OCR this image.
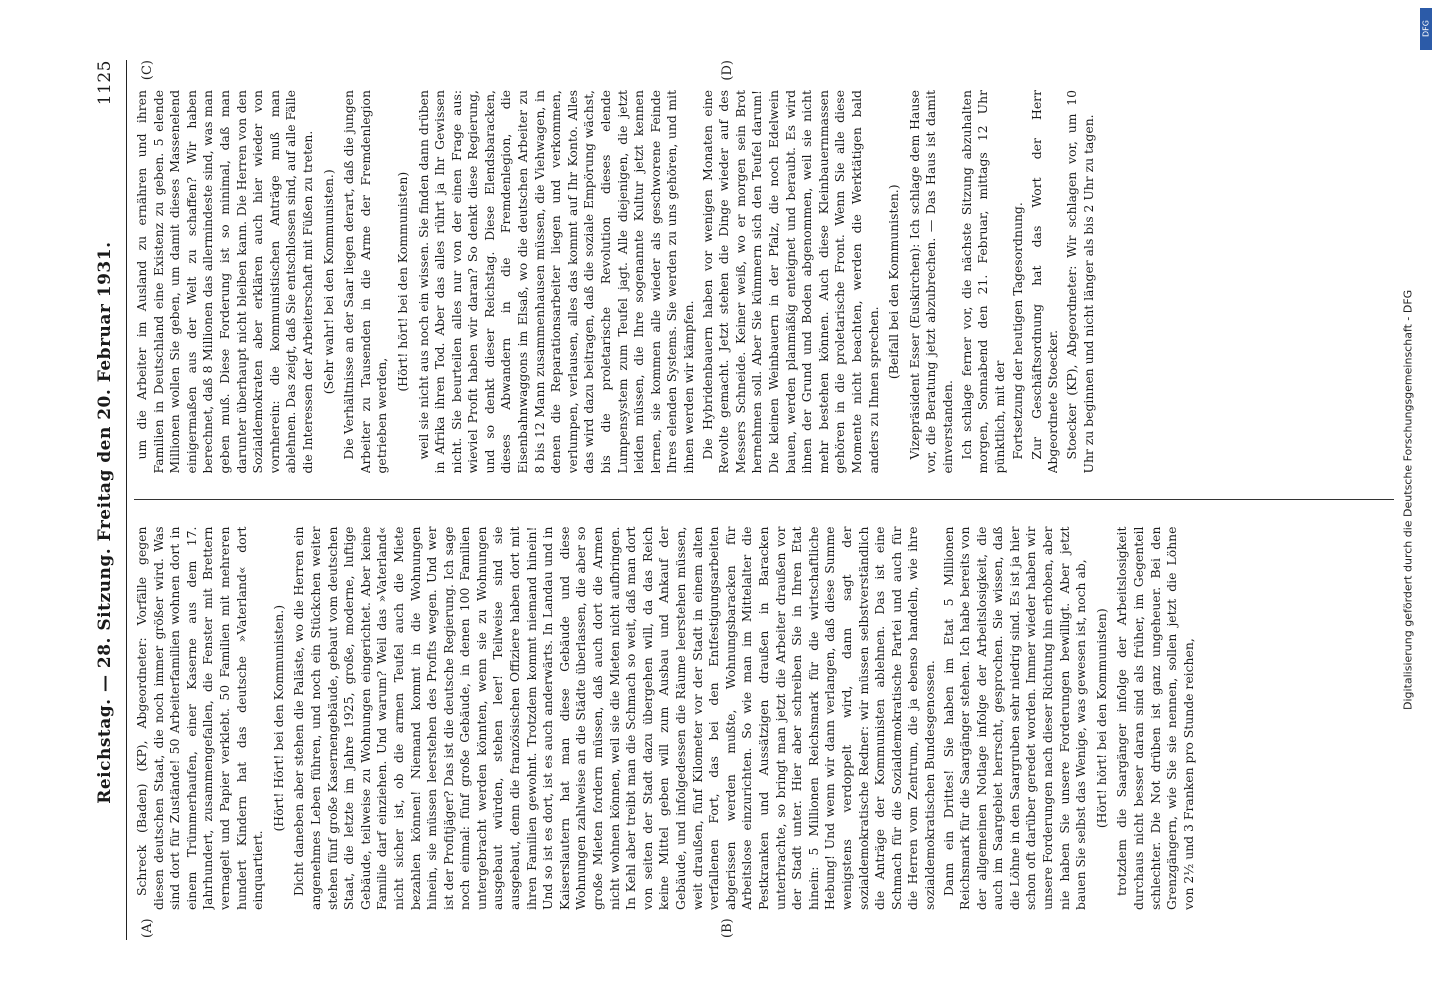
Reichstag. — 28. Sitzung. Freitag den 20. Februar 1931.
1125

Schreck (Baden) (KP), Abgeordneter: Vorfälle gegen diesen deutschen Staat, die noch immer größer wird. Was sind dort für Zustände! 50 Arbeiterfamilien wohnen dort in einem Trümmerhaufen, einer Kaserne aus dem 17. Jahrhundert, zusammengefallen, die Fenster mit Brettern vernagelt und Papier verklebt. 50 Familien mit mehreren hundert Kindern hat das deutsche »Vaterland« dort einquartiert.

(Hört! Hört! bei den Kommunisten.) Dicht daneben aber stehen die Paläste, wo die Herren ein angenehmes Leben führen, und noch ein Stückchen weiter stehen fünf große Kasernengebäude, gebaut vom deutschen Staat, die letzte im Jahre 1925, große, moderne, luftige Gebäude, teilweise zu Wohnungen eingerichtet. Aber keine Familie darf einziehen. Und warum? Weil das »Vaterland« nicht sicher ist, ob die armen Teufel auch die Miete bezahlen können! Niemand kommt in die Wohnungen hinein, sie müssen leerstehen des Profits wegen. Und wer ist der Profitjäger? Das ist die deutsche Regierung. Ich sage noch einmal: fünf große Gebäude, in denen 100 Familien untergebracht werden könnten, wenn sie zu Wohnungen ausgebaut würden, stehen leer! Teilweise sind sie ausgebaut, denn die französischen Offiziere haben dort mit ihren Familien gewohnt. Trotzdem kommt niemand hinein! Und so ist es dort, ist es auch anderwärts. In Landau und in Kaiserslautern hat man diese Gebäude und diese Wohnungen zahlweise an die Städte überlassen, die aber so große Mieten fordern müssen, daß auch dort die Armen nicht wohnen können, weil sie die Mieten nicht aufbringen. In Kehl aber treibt man die Schmach so weit, daß man dort von seiten der Stadt dazu übergehen will, da das Reich keine Mittel geben will zum Ausbau und Ankauf der Gebäude, und infolgedessen die Räume leerstehen müssen, weit draußen, fünf Kilometer vor der Stadt in einem alten verfallenen Fort, das bei den Entfestigungsarbeiten abgerissen werden mußte, Wohnungsbaracken für Arbeitslose einzurichten. So wie man im Mittelalter die Pestkranken und Aussätzigen draußen in Baracken unterbrachte, so bringt man jetzt die Arbeiter draußen vor der Stadt unter. Hier aber schreiben Sie in Ihren Etat hinein: 5 Millionen Reichsmark für die wirtschaftliche Hebung! Und wenn wir dann verlangen, daß diese Summe wenigstens verdoppelt wird, dann sagt der sozialdemokratische Redner: wir müssen selbstverständlich die Anträge der Kommunisten ablehnen. Das ist eine Schmach für die Sozialdemokratische Partei und auch für die Herren vom Zentrum, die ja ebenso handeln, wie ihre sozialdemokratischen Bundesgenossen. Dann ein Drittes! Sie haben im Etat 5 Millionen Reichsmark für die Saargänger stehen. Ich habe bereits von der allgemeinen Notlage infolge der Arbeitslosigkeit, die auch im Saargebiet herrscht, gesprochen. Sie wissen, daß die Löhne in den Saargruben sehr niedrig sind. Es ist ja hier schon oft darüber geredet worden. Immer wieder haben wir unsere Forderungen nach dieser Richtung hin erhoben, aber nie haben Sie unsere Forderungen bewilligt. Aber jetzt bauen Sie selbst das Wenige, was gewesen ist, noch ab, (Hört! hört! bei den Kommunisten) trotzdem die Saargänger infolge der Arbeitslosigkeit durchaus nicht besser daran sind als früher, im Gegenteil schlechter. Die Not drüben ist ganz ungeheuer. Bei den Grenzgängern, wie Sie sie nennen, sollen jetzt die Löhne von 2½ und 3 Franken pro Stunde reichen,

um die Arbeiter im Ausland zu ernähren und ihren Familien in Deutschland eine Existenz zu geben. 5 elende Millionen wollen Sie geben, um damit dieses Massenelend einigermaßen aus der Welt zu schaffen? Wir haben berechnet, daß 8 Millionen das allermindeste sind, was man geben muß. Diese Forderung ist so minimal, daß man darunter überhaupt nicht bleiben kann. Die Herren von den Sozialdemokraten aber erklären auch hier wieder von vornherein: die kommunistischen Anträge muß man ablehnen. Das zeigt, daß Sie entschlossen sind, auf alle Fälle die Interessen der Arbeiterschaft mit Füßen zu treten. (Sehr wahr! bei den Kommunisten.) Die Verhältnisse an der Saar liegen derart, daß die jungen Arbeiter zu Tausenden in die Arme der Fremdenlegion getrieben werden,

(Hört! hört! bei den Kommunisten) weil sie nicht aus noch ein wissen. Sie finden dann drüben in Afrika ihren Tod. Aber das alles rührt ja Ihr Gewissen nicht. Sie beurteilen alles nur von der einen Frage aus: wieviel Profit haben wir daran? So denkt diese Regierung, und so denkt dieser Reichstag. Diese Elendsbaracken, dieses Abwandern in die Fremdenlegion, die Eisenbahnwaggons im Elsaß, wo die deutschen Arbeiter zu 8 bis 12 Mann zusammenhausen müssen, die Viehwagen, in denen die Reparationsarbeiter liegen und verkommen, verlumpen, verlausen, alles das kommt auf Ihr Konto. Alles das wird dazu beitragen, daß die soziale Empörung wächst, bis die proletarische Revolution dieses elende Lumpensystem zum Teufel jagt. Alle diejenigen, die jetzt leiden müssen, die Ihre sogenannte Kultur jetzt kennen lernen, sie kommen alle wieder als geschworene Feinde Ihres elenden Systems. Sie werden zu uns gehören, und mit ihnen werden wir kämpfen. Die Hybridenbauern haben vor wenigen Monaten eine Revolte gemacht. Jetzt stehen die Dinge wieder auf des Messers Schneide. Keiner weiß, wo er morgen sein Brot hernehmen soll. Aber Sie kümmern sich den Teufel darum! Die kleinen Weinbauern in der Pfalz, die noch Edelwein bauen, werden planmäßig enteignet und beraubt. Es wird ihnen der Grund und Boden abgenommen, weil sie nicht mehr bestehen können. Auch diese Kleinbauernmassen gehören in die proletarische Front. Wenn Sie alle diese Momente nicht beachten, werden die Werktätigen bald anders zu Ihnen sprechen.

(Beifall bei den Kommunisten.) Vizepräsident Esser (Euskirchen): Ich schlage dem Hause vor, die Beratung jetzt abzubrechen. — Das Haus ist damit einverstanden. Ich schlage ferner vor, die nächste Sitzung abzuhalten morgen, Sonnabend den 21. Februar, mittags 12 Uhr pünktlich, mit der Fortsetzung der heutigen Tagesordnung. Zur Geschäftsordnung hat das Wort der Herr Abgeordnete Stoecker. Stoecker (KP), Abgeordneter: Wir schlagen vor, um 10 Uhr zu beginnen und nicht länger als bis 2 Uhr zu tagen.

(A)	(B)
(C)	(D)
Digitalisierung gefördert durch die Deutsche Forschungsgemeinschaft - DFG
DFG
